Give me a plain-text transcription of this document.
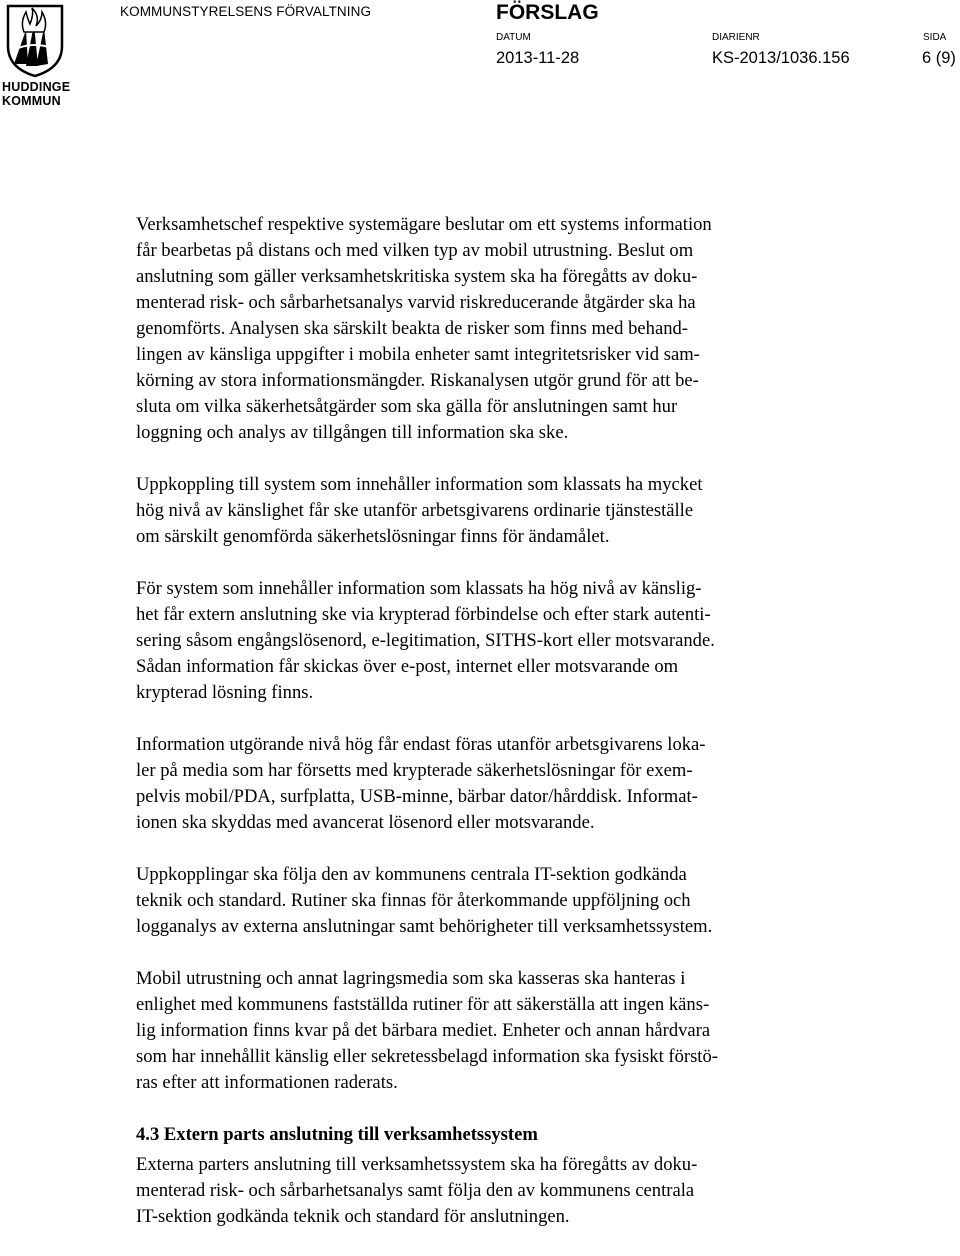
HUDDINGE
KOMMUN
KOMMUNSTYRELSENS FÖRVALTNING	FÖRSLAG
DATUM
2013-11-28
DIARIENR
KS-2013/1036.156
SIDA
6 (9)

Verksamhetschef respektive systemägare beslutar om ett systems information
får bearbetas på distans och med vilken typ av mobil utrustning. Beslut om
anslutning som gäller verksamhetskritiska system ska ha föregåtts av doku-
menterad risk- och sårbarhetsanalys varvid riskreducerande åtgärder ska ha
genomförts. Analysen ska särskilt beakta de risker som finns med behand-
lingen av känsliga uppgifter i mobila enheter samt integritetsrisker vid sam-
körning av stora informationsmängder. Riskanalysen utgör grund för att be-
sluta om vilka säkerhetsåtgärder som ska gälla för anslutningen samt hur
loggning och analys av tillgången till information ska ske.

Uppkoppling till system som innehåller information som klassats ha mycket
hög nivå av känslighet får ske utanför arbetsgivarens ordinarie tjänsteställe
om särskilt genomförda säkerhetslösningar finns för ändamålet.

För system som innehåller information som klassats ha hög nivå av känslig-
het får extern anslutning ske via krypterad förbindelse och efter stark autenti-
sering såsom engångslösenord, e-legitimation, SITHS-kort eller motsvarande.
Sådan information får skickas över e-post, internet eller motsvarande om
krypterad lösning finns.

Information utgörande nivå hög får endast föras utanför arbetsgivarens loka-
ler på media som har försetts med krypterade säkerhetslösningar för exem-
pelvis mobil/PDA, surfplatta, USB-minne, bärbar dator/hårddisk. Informat-
ionen ska skyddas med avancerat lösenord eller motsvarande.

Uppkopplingar ska följa den av kommunens centrala IT-sektion godkända
teknik och standard. Rutiner ska finnas för återkommande uppföljning och
logganalys av externa anslutningar samt behörigheter till verksamhetssystem.

Mobil utrustning och annat lagringsmedia som ska kasseras ska hanteras i
enlighet med kommunens fastställda rutiner för att säkerställa att ingen käns-
lig information finns kvar på det bärbara mediet. Enheter och annan hårdvara
som har innehållit känslig eller sekretessbelagd information ska fysiskt förstö-
ras efter att informationen raderats.

4.3 Extern parts anslutning till verksamhetssystem

Externa parters anslutning till verksamhetssystem ska ha föregåtts av doku-
menterad risk- och sårbarhetsanalys samt följa den av kommunens centrala
IT-sektion godkända teknik och standard för anslutningen.
